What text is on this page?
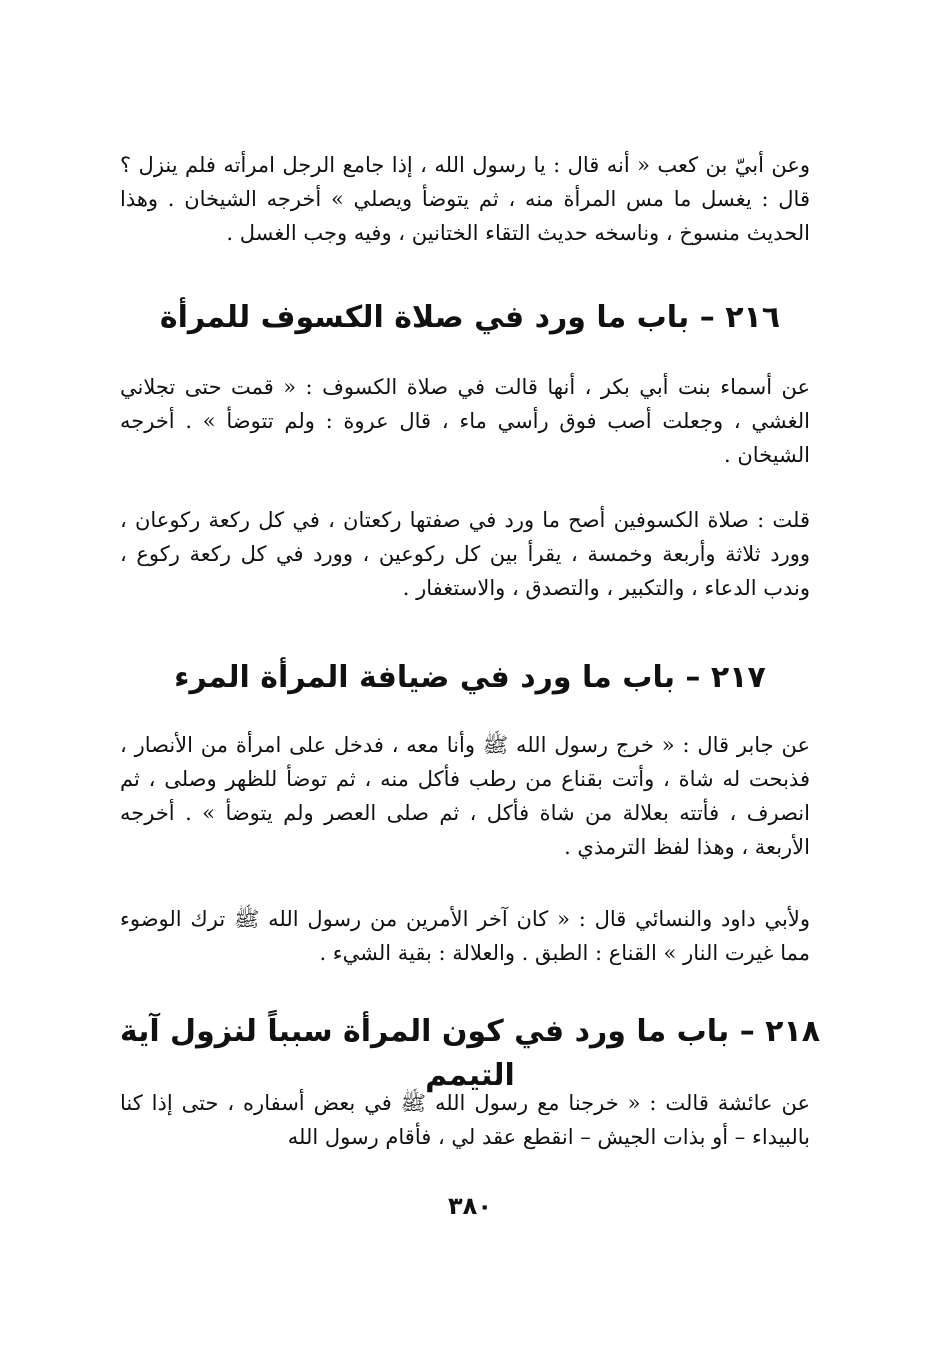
وعن أبيّ بن كعب « أنه قال : يا رسول الله ، إذا جامع الرجل امرأته فلم ينزل ؟ قال : يغسل ما مس المرأة منه ، ثم يتوضأ ويصلي » أخرجه الشيخان . وهذا الحديث منسوخ ، وناسخه حديث التقاء الختانين ، وفيه وجب الغسل .

٢١٦ – باب ما ورد في صلاة الكسوف للمرأة

عن أسماء بنت أبي بكر ، أنها قالت في صلاة الكسوف : « قمت حتى تجلاني الغشي ، وجعلت أصب فوق رأسي ماء ، قال عروة : ولم تتوضأ » . أخرجه الشيخان .

قلت : صلاة الكسوفين أصح ما ورد في صفتها ركعتان ، في كل ركعة ركوعان ، وورد ثلاثة وأربعة وخمسة ، يقرأ بين كل ركوعين ، وورد في كل ركعة ركوع ، وندب الدعاء ، والتكبير ، والتصدق ، والاستغفار .

٢١٧ – باب ما ورد في ضيافة المرأة المرء

عن جابر قال : « خرج رسول الله ﷺ وأنا معه ، فدخل على امرأة من الأنصار ، فذبحت له شاة ، وأتت بقناع من رطب فأكل منه ، ثم توضأ للظهر وصلى ، ثم انصرف ، فأتته بعلالة من شاة فأكل ، ثم صلى العصر ولم يتوضأ » . أخرجه الأربعة ، وهذا لفظ الترمذي .

ولأبي داود والنسائي قال : « كان آخر الأمرين من رسول الله ﷺ ترك الوضوء مما غيرت النار » القناع : الطبق . والعلالة : بقية الشيء .

٢١٨ – باب ما ورد في كون المرأة سبباً لنزول آية التيمم

عن عائشة قالت : « خرجنا مع رسول الله ﷺ في بعض أسفاره ، حتى إذا كنا بالبيداء – أو بذات الجيش – انقطع عقد لي ، فأقام رسول الله

٣٨٠
